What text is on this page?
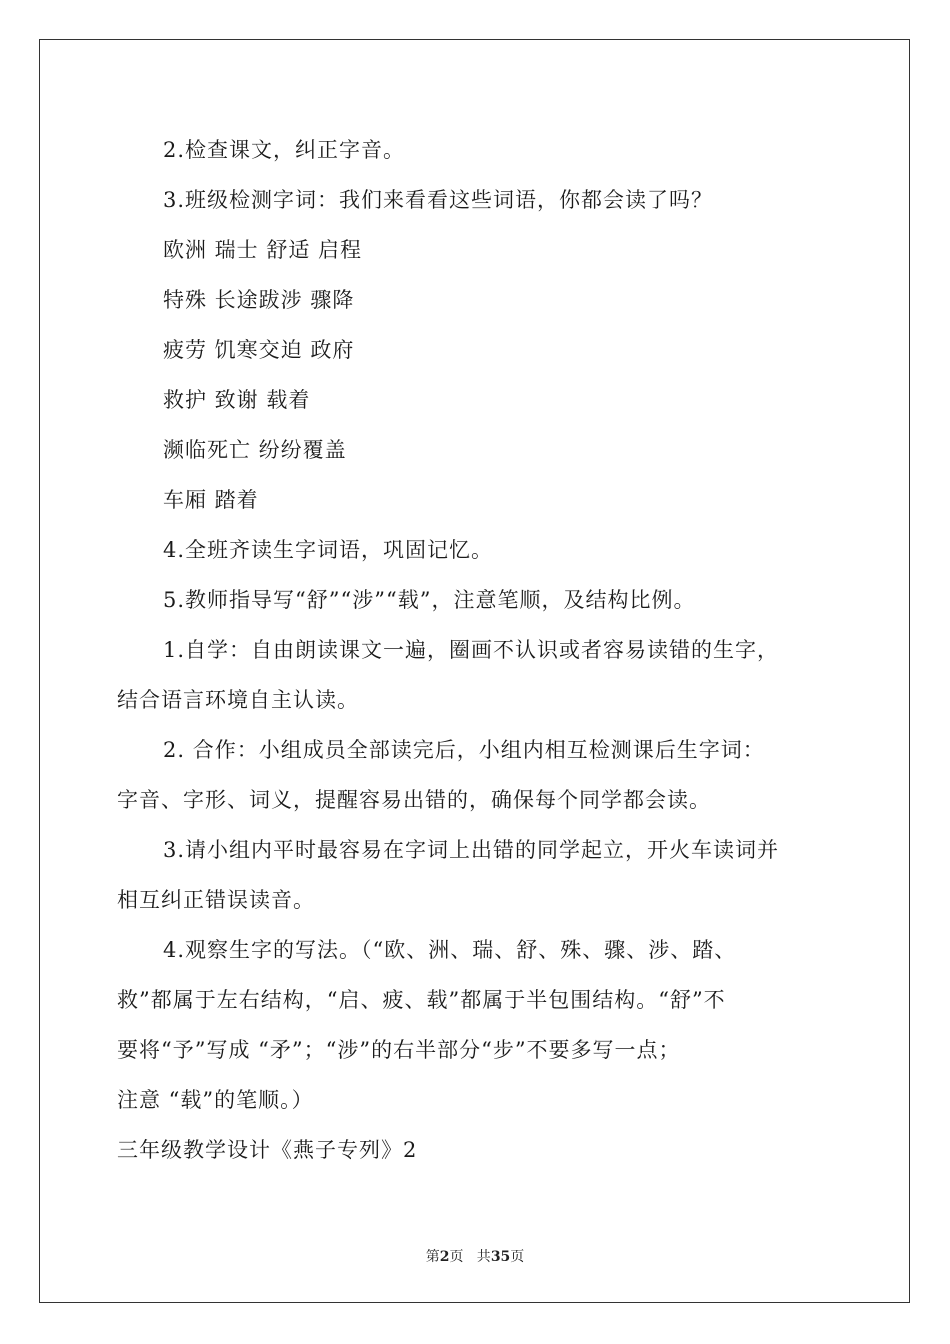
2.检查课文，纠正字音。
3.班级检测字词：我们来看看这些词语，你都会读了吗？
欧洲 瑞士 舒适 启程
特殊 长途跋涉 骤降
疲劳 饥寒交迫 政府
救护 致谢 载着
濒临死亡 纷纷覆盖
车厢 踏着
4.全班齐读生字词语，巩固记忆。
5.教师指导写“舒”“涉”“载”，注意笔顺，及结构比例。
1.自学：自由朗读课文一遍，圈画不认识或者容易读错的生字，
结合语言环境自主认读。
2. 合作：小组成员全部读完后，小组内相互检测课后生字词：
字音、字形、词义，提醒容易出错的，确保每个同学都会读。
3.请小组内平时最容易在字词上出错的同学起立，开火车读词并
相互纠正错误读音。
4.观察生字的写法。（“欧、洲、瑞、舒、殊、骤、涉、踏、
救”都属于左右结构，“启、疲、载”都属于半包围结构。“舒”不
要将“予”写成 “矛”；“涉”的右半部分“步”不要多写一点；
注意 “载”的笔顺。）
三年级教学设计《燕子专列》2
第2页   共35页
